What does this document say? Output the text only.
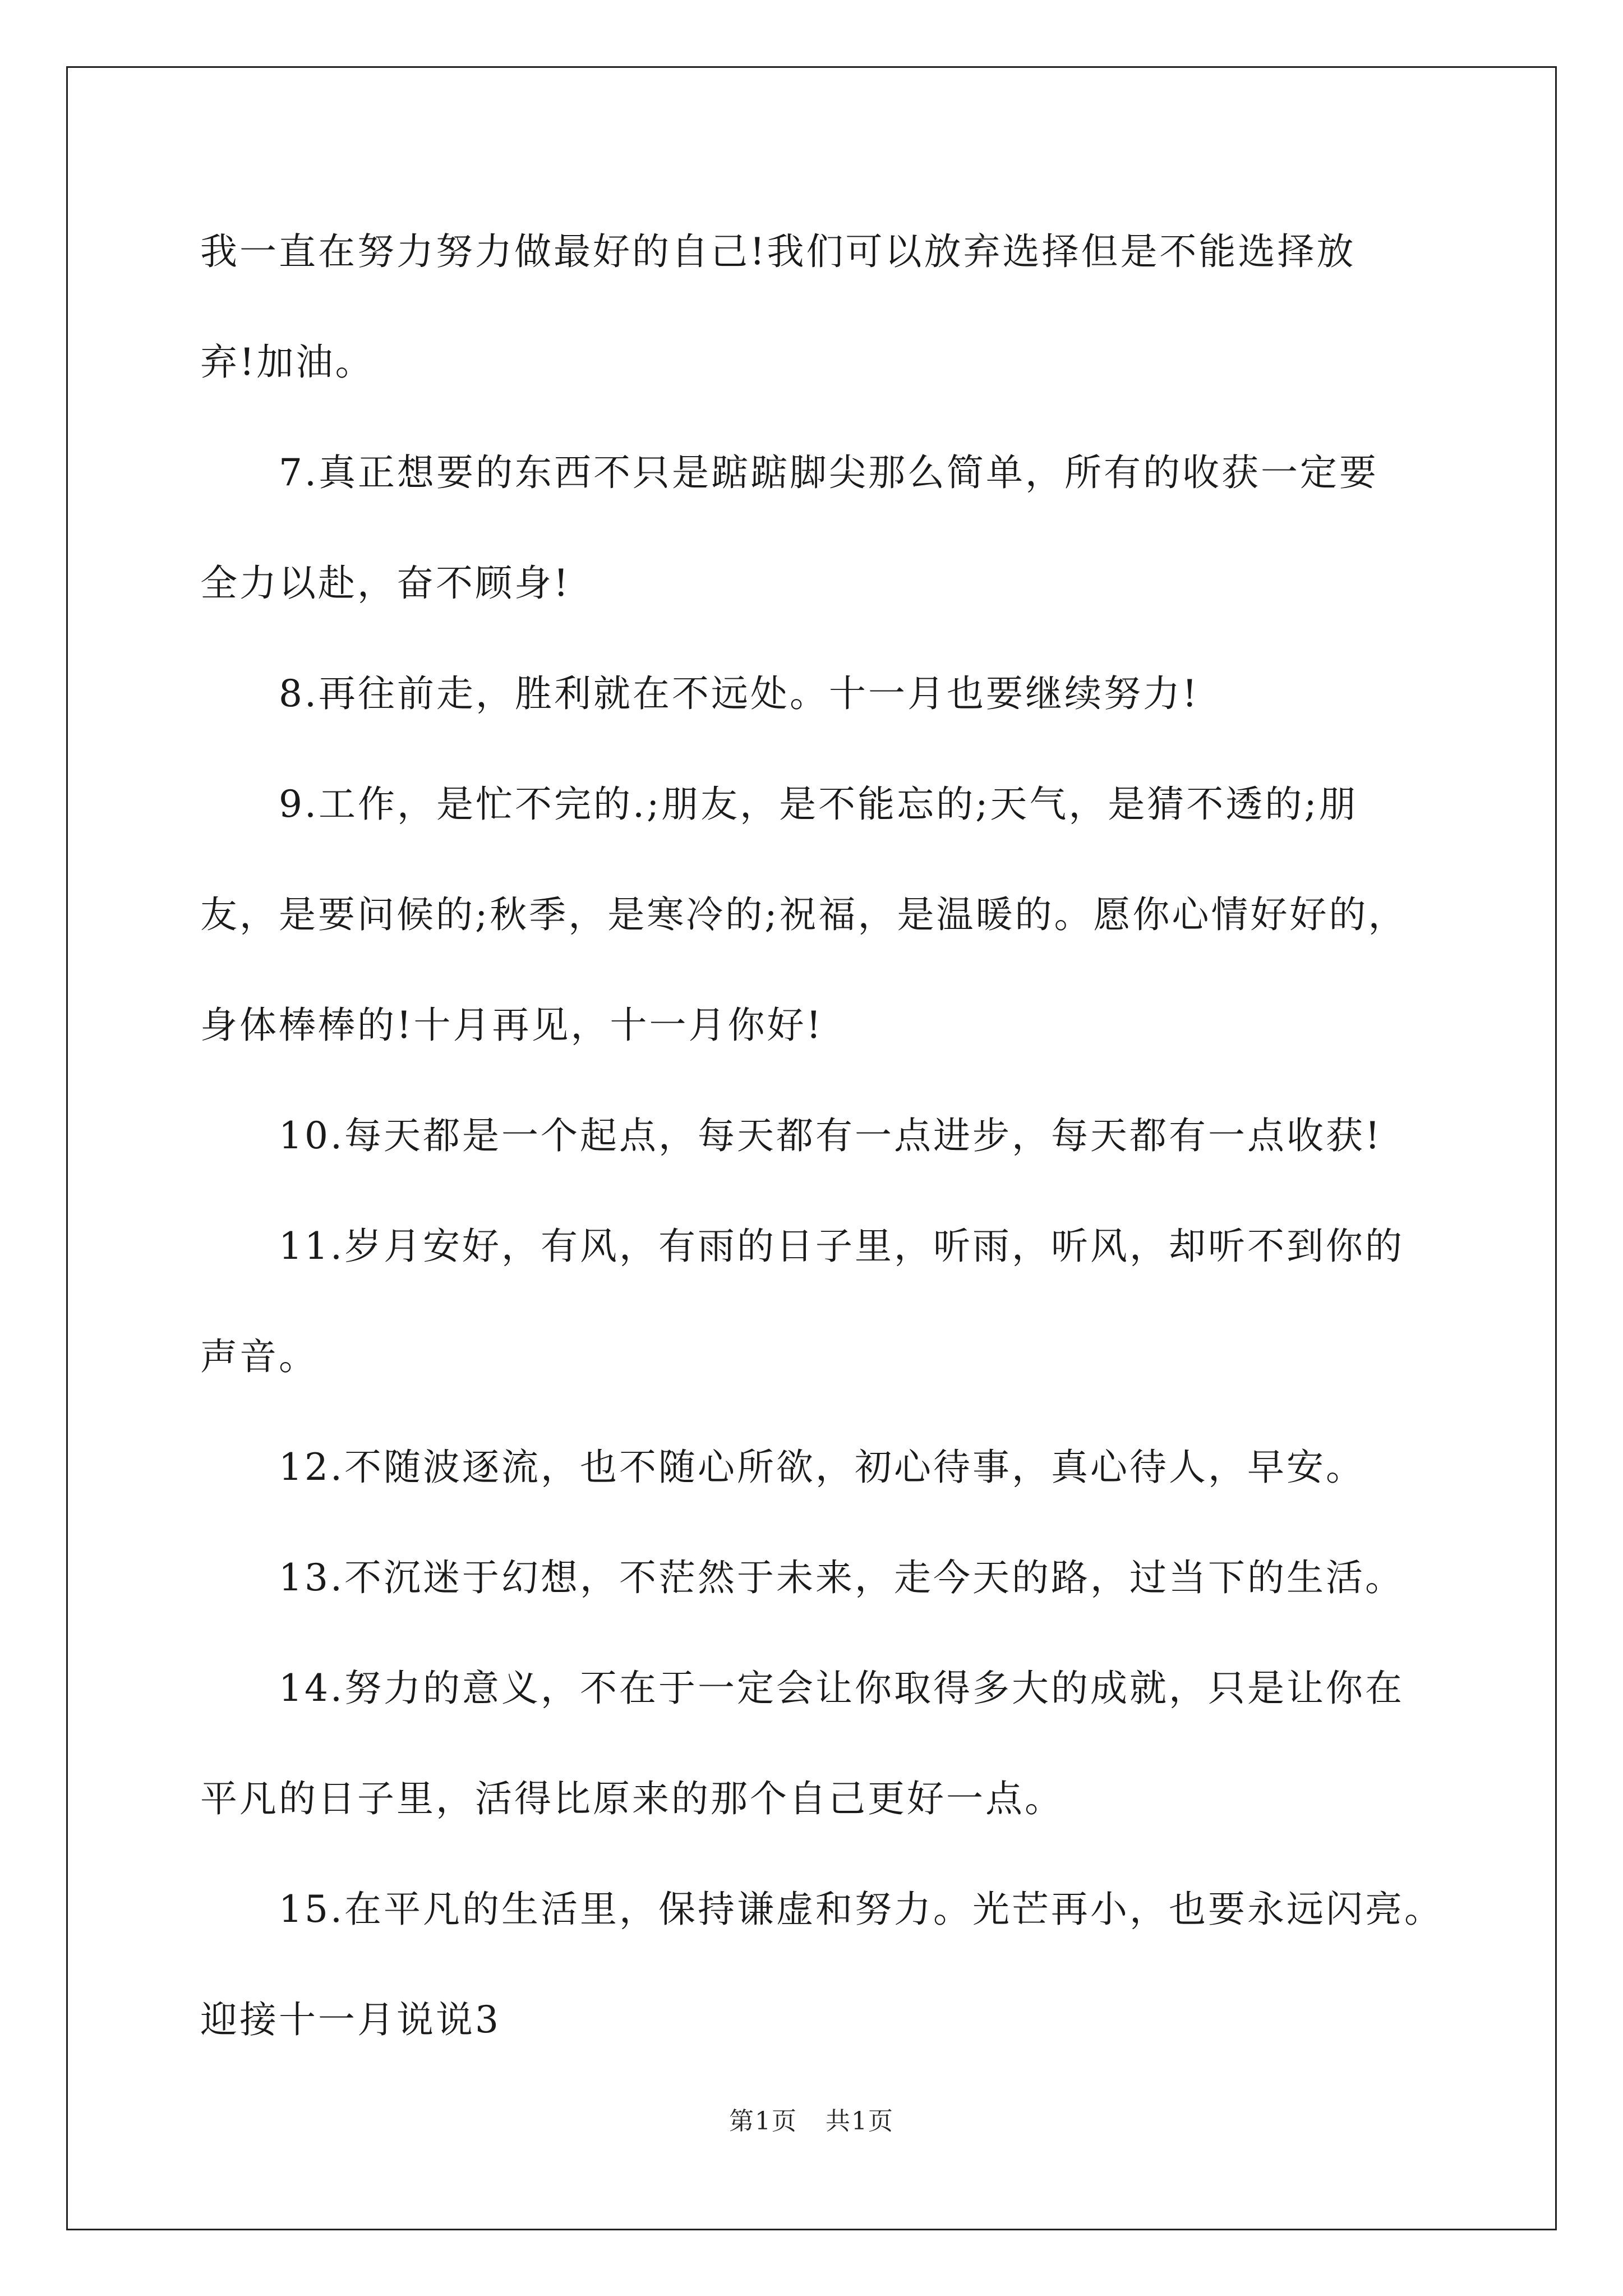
我一直在努力努力做最好的自己!我们可以放弃选择但是不能选择放
弃!加油。
7.真正想要的东西不只是踮踮脚尖那么简单，所有的收获一定要
全力以赴，奋不顾身!
8.再往前走，胜利就在不远处。十一月也要继续努力!
9.工作，是忙不完的.;朋友，是不能忘的;天气，是猜不透的;朋
友，是要问候的;秋季，是寒冷的;祝福，是温暖的。愿你心情好好的，
身体棒棒的!十月再见，十一月你好!
10.每天都是一个起点，每天都有一点进步，每天都有一点收获!
11.岁月安好，有风，有雨的日子里，听雨，听风，却听不到你的
声音。
12.不随波逐流，也不随心所欲，初心待事，真心待人，早安。
13.不沉迷于幻想，不茫然于未来，走今天的路，过当下的生活。
14.努力的意义，不在于一定会让你取得多大的成就，只是让你在
平凡的日子里，活得比原来的那个自己更好一点。
15.在平凡的生活里，保持谦虚和努力。光芒再小，也要永远闪亮。
迎接十一月说说3
第1页 共1页
